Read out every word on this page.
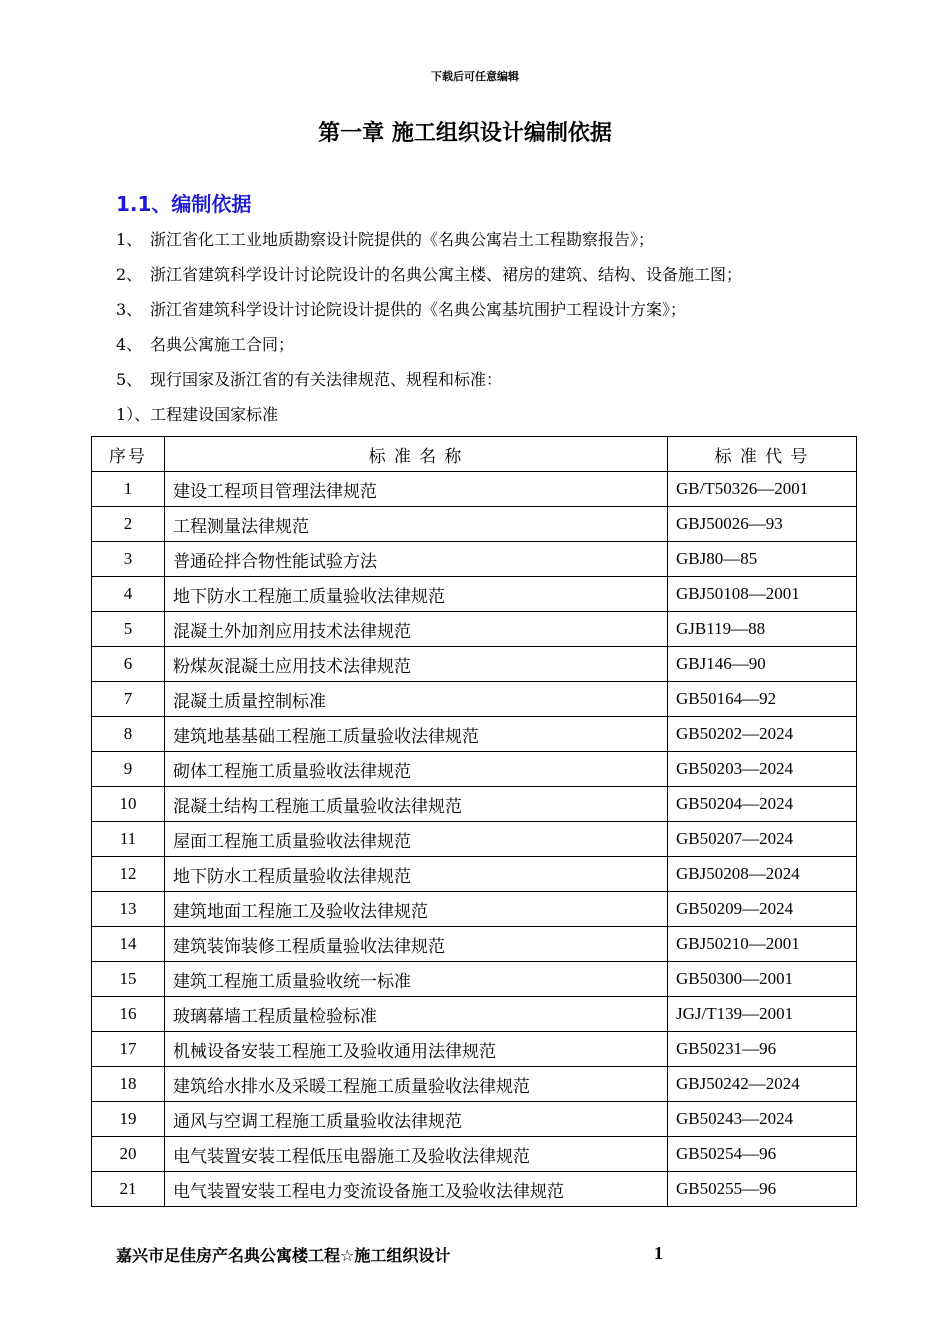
下载后可任意编辑
第一章 施工组织设计编制依据
1.1、编制依据
1、 浙江省化工工业地质勘察设计院提供的《名典公寓岩土工程勘察报告》；
2、 浙江省建筑科学设计讨论院设计的名典公寓主楼、裙房的建筑、结构、设备施工图；
3、 浙江省建筑科学设计讨论院设计提供的《名典公寓基坑围护工程设计方案》；
4、 名典公寓施工合同；
5、 现行国家及浙江省的有关法律规范、规程和标准：
1）、工程建设国家标准
序号	标 准 名 称	标 准 代 号
1	建设工程项目管理法律规范	GB/T50326—2001
2	工程测量法律规范	GBJ50026—93
3	普通砼拌合物性能试验方法	GBJ80—85
4	地下防水工程施工质量验收法律规范	GBJ50108—2001
5	混凝土外加剂应用技术法律规范	GJB119—88
6	粉煤灰混凝土应用技术法律规范	GBJ146—90
7	混凝土质量控制标准	GB50164—92
8	建筑地基基础工程施工质量验收法律规范	GB50202—2024
9	砌体工程施工质量验收法律规范	GB50203—2024
10	混凝土结构工程施工质量验收法律规范	GB50204—2024
11	屋面工程施工质量验收法律规范	GB50207—2024
12	地下防水工程质量验收法律规范	GBJ50208—2024
13	建筑地面工程施工及验收法律规范	GB50209—2024
14	建筑装饰装修工程质量验收法律规范	GBJ50210—2001
15	建筑工程施工质量验收统一标准	GB50300—2001
16	玻璃幕墙工程质量检验标准	JGJ/T139—2001
17	机械设备安装工程施工及验收通用法律规范	GB50231—96
18	建筑给水排水及采暖工程施工质量验收法律规范	GBJ50242—2024
19	通风与空调工程施工质量验收法律规范	GB50243—2024
20	电气装置安装工程低压电器施工及验收法律规范	GB50254—96
21	电气装置安装工程电力变流设备施工及验收法律规范	GB50255—96
嘉兴市足佳房产名典公寓楼工程☆施工组织设计	1
